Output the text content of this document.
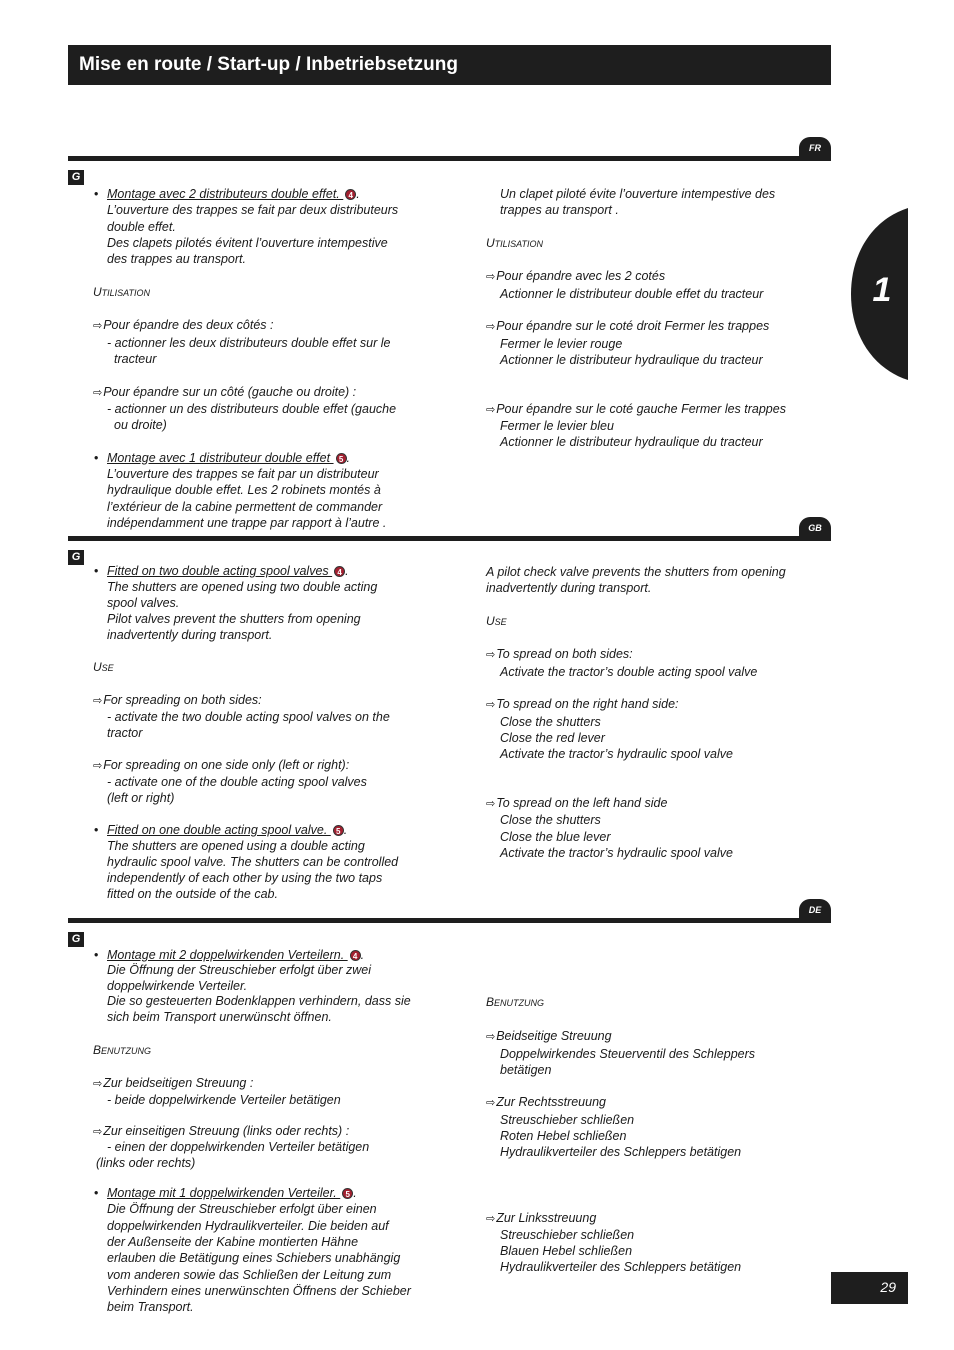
Mise en route / Start-up / Inbetriebsetzung
1
FR
G

• Montage avec 2 distributeurs double effet. 4 .

L’ouverture des trappes se fait par deux distributeurs
double effet.
Des clapets pilotés évitent l’ouverture intempestive
des trappes au transport.

UTILISATION

⇨Pour épandre des deux côtés :

- actionner les deux distributeurs double effet sur le
tracteur

⇨Pour épandre sur un côté (gauche ou droite) :

- actionner un des distributeurs double effet (gauche
ou droite)

• Montage avec 1 distributeur double effet 5 .

L’ouverture des trappes se fait par un distributeur
hydraulique double effet. Les 2 robinets montés à
l’extérieur de la cabine permettent de commander
indépendamment une trappe par rapport à l’autre .
Un clapet piloté évite l’ouverture intempestive des
trappes au transport .

UTILISATION

⇨Pour épandre avec les 2 cotés

Actionner le distributeur double effet du tracteur

⇨Pour épandre sur le coté droit Fermer les trappes

Fermer le levier rouge
Actionner le distributeur hydraulique du tracteur

⇨Pour épandre sur le coté gauche Fermer les trappes

Fermer le levier bleu
Actionner le distributeur hydraulique du tracteur
GB
G

• Fitted on two double acting spool valves 4 .

The shutters are opened using two double acting
spool valves.
Pilot valves prevent the shutters from opening
inadvertently during transport.

USE

⇨For spreading on both sides:

- activate the two double acting spool valves on the
tractor

⇨For spreading on one side only (left or right):

- activate one of the double acting spool valves
(left or right)

• Fitted on one double acting spool valve. 5 .

The shutters are opened using a double acting
hydraulic spool valve. The shutters can be controlled
independently of each other by using the two taps
fitted on the outside of the cab.
A pilot check valve prevents the shutters from opening
inadvertently during transport.

USE

⇨To spread on both sides:

Activate the tractor’s double acting spool valve

⇨To spread on the right hand side:

Close the shutters
Close the red lever
Activate the tractor’s hydraulic spool valve

⇨To spread on the left hand side

Close the shutters
Close the blue lever
Activate the tractor’s hydraulic spool valve
DE
G

• Montage mit 2 doppelwirkenden Verteilern. 4 .

Die Öffnung der Streuschieber erfolgt über zwei
doppelwirkende Verteiler.
Die so gesteuerten Bodenklappen verhindern, dass sie
sich beim Transport unerwünscht öffnen.

BENUTZUNG

⇨Zur beidseitigen Streuung :

- beide doppelwirkende Verteiler betätigen

⇨Zur einseitigen Streuung (links oder rechts) :

- einen der doppelwirkenden Verteiler betätigen
(links oder rechts)

• Montage mit 1 doppelwirkenden Verteiler. 5 .

Die Öffnung der Streuschieber erfolgt über einen
doppelwirkenden Hydraulikverteiler. Die beiden auf
der Außenseite der Kabine montierten Hähne
erlauben die Betätigung eines Schiebers unabhängig
vom anderen sowie das Schließen der Leitung zum
Verhindern eines unerwünschten Öffnens der Schieber
beim Transport.

BENUTZUNG

⇨Beidseitige Streuung

Doppelwirkendes Steuerventil des Schleppers
betätigen

⇨Zur Rechtsstreuung

Streuschieber schließen
Roten Hebel schließen
Hydraulikverteiler des Schleppers betätigen

⇨Zur Linksstreuung

Streuschieber schließen
Blauen Hebel schließen
Hydraulikverteiler des Schleppers betätigen
29
